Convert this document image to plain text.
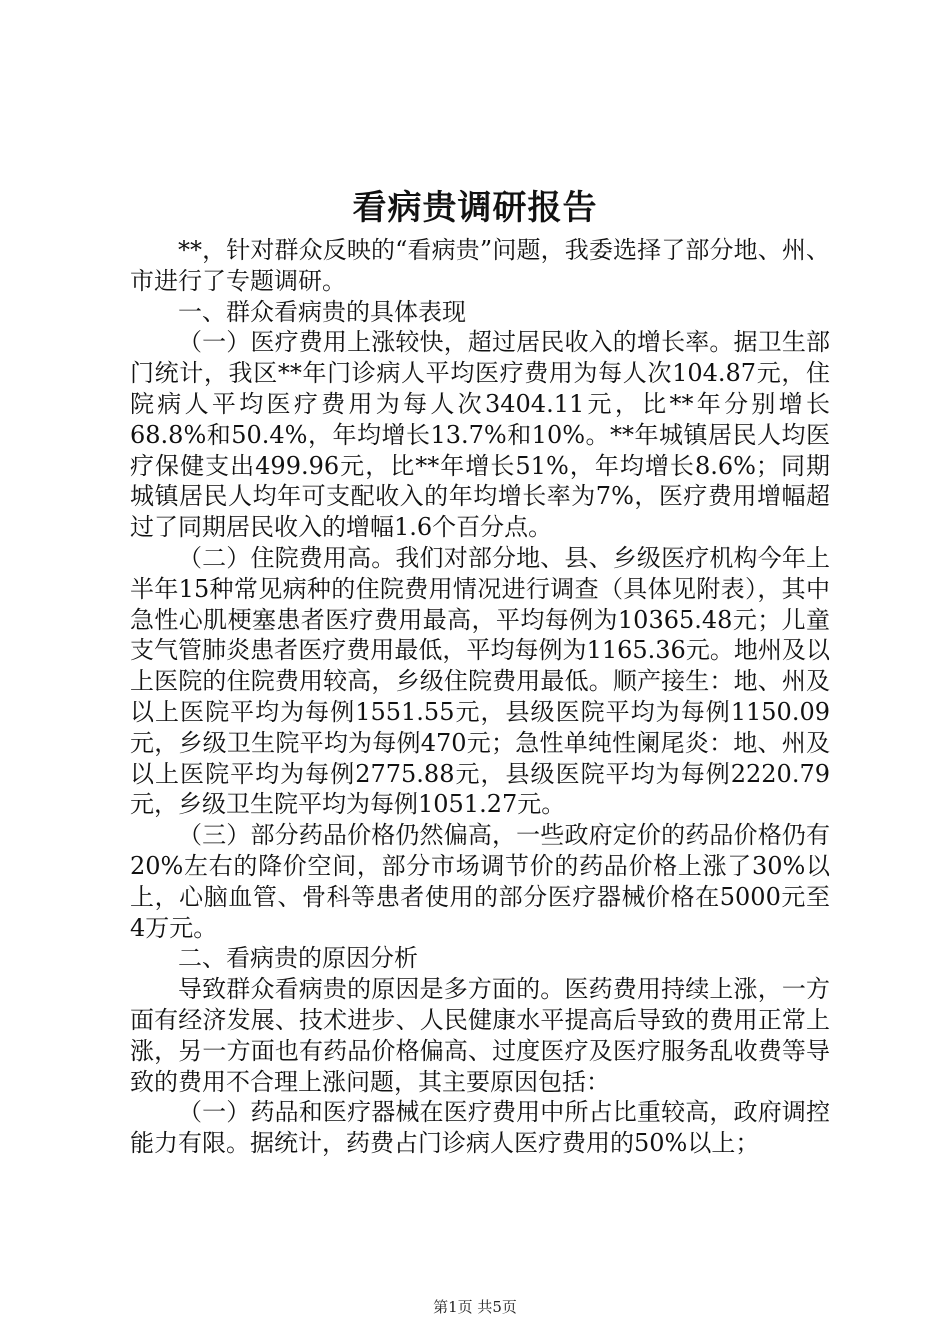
看病贵调研报告

**，针对群众反映的“看病贵”问题，我委选择了部分地、州、市进行了专题调研。

一、群众看病贵的具体表现

（一）医疗费用上涨较快，超过居民收入的增长率。据卫生部门统计，我区**年门诊病人平均医疗费用为每人次104.87元，住院病人平均医疗费用为每人次3404.11元，比**年分别增长68.8%和50.4%，年均增长13.7%和10%。**年城镇居民人均医疗保健支出499.96元，比**年增长51%，年均增长8.6%；同期城镇居民人均年可支配收入的年均增长率为7%，医疗费用增幅超过了同期居民收入的增幅1.6个百分点。

（二）住院费用高。我们对部分地、县、乡级医疗机构今年上半年15种常见病种的住院费用情况进行调查（具体见附表），其中急性心肌梗塞患者医疗费用最高，平均每例为10365.48元；儿童支气管肺炎患者医疗费用最低，平均每例为1165.36元。地州及以上医院的住院费用较高，乡级住院费用最低。顺产接生：地、州及以上医院平均为每例1551.55元，县级医院平均为每例1150.09元，乡级卫生院平均为每例470元；急性单纯性阑尾炎：地、州及以上医院平均为每例2775.88元，县级医院平均为每例2220.79元，乡级卫生院平均为每例1051.27元。

（三）部分药品价格仍然偏高，一些政府定价的药品价格仍有20%左右的降价空间，部分市场调节价的药品价格上涨了30%以上，心脑血管、骨科等患者使用的部分医疗器械价格在5000元至4万元。

二、看病贵的原因分析

导致群众看病贵的原因是多方面的。医药费用持续上涨，一方面有经济发展、技术进步、人民健康水平提高后导致的费用正常上涨，另一方面也有药品价格偏高、过度医疗及医疗服务乱收费等导致的费用不合理上涨问题，其主要原因包括：

（一）药品和医疗器械在医疗费用中所占比重较高，政府调控能力有限。据统计，药费占门诊病人医疗费用的50%以上；

第1页 共5页
